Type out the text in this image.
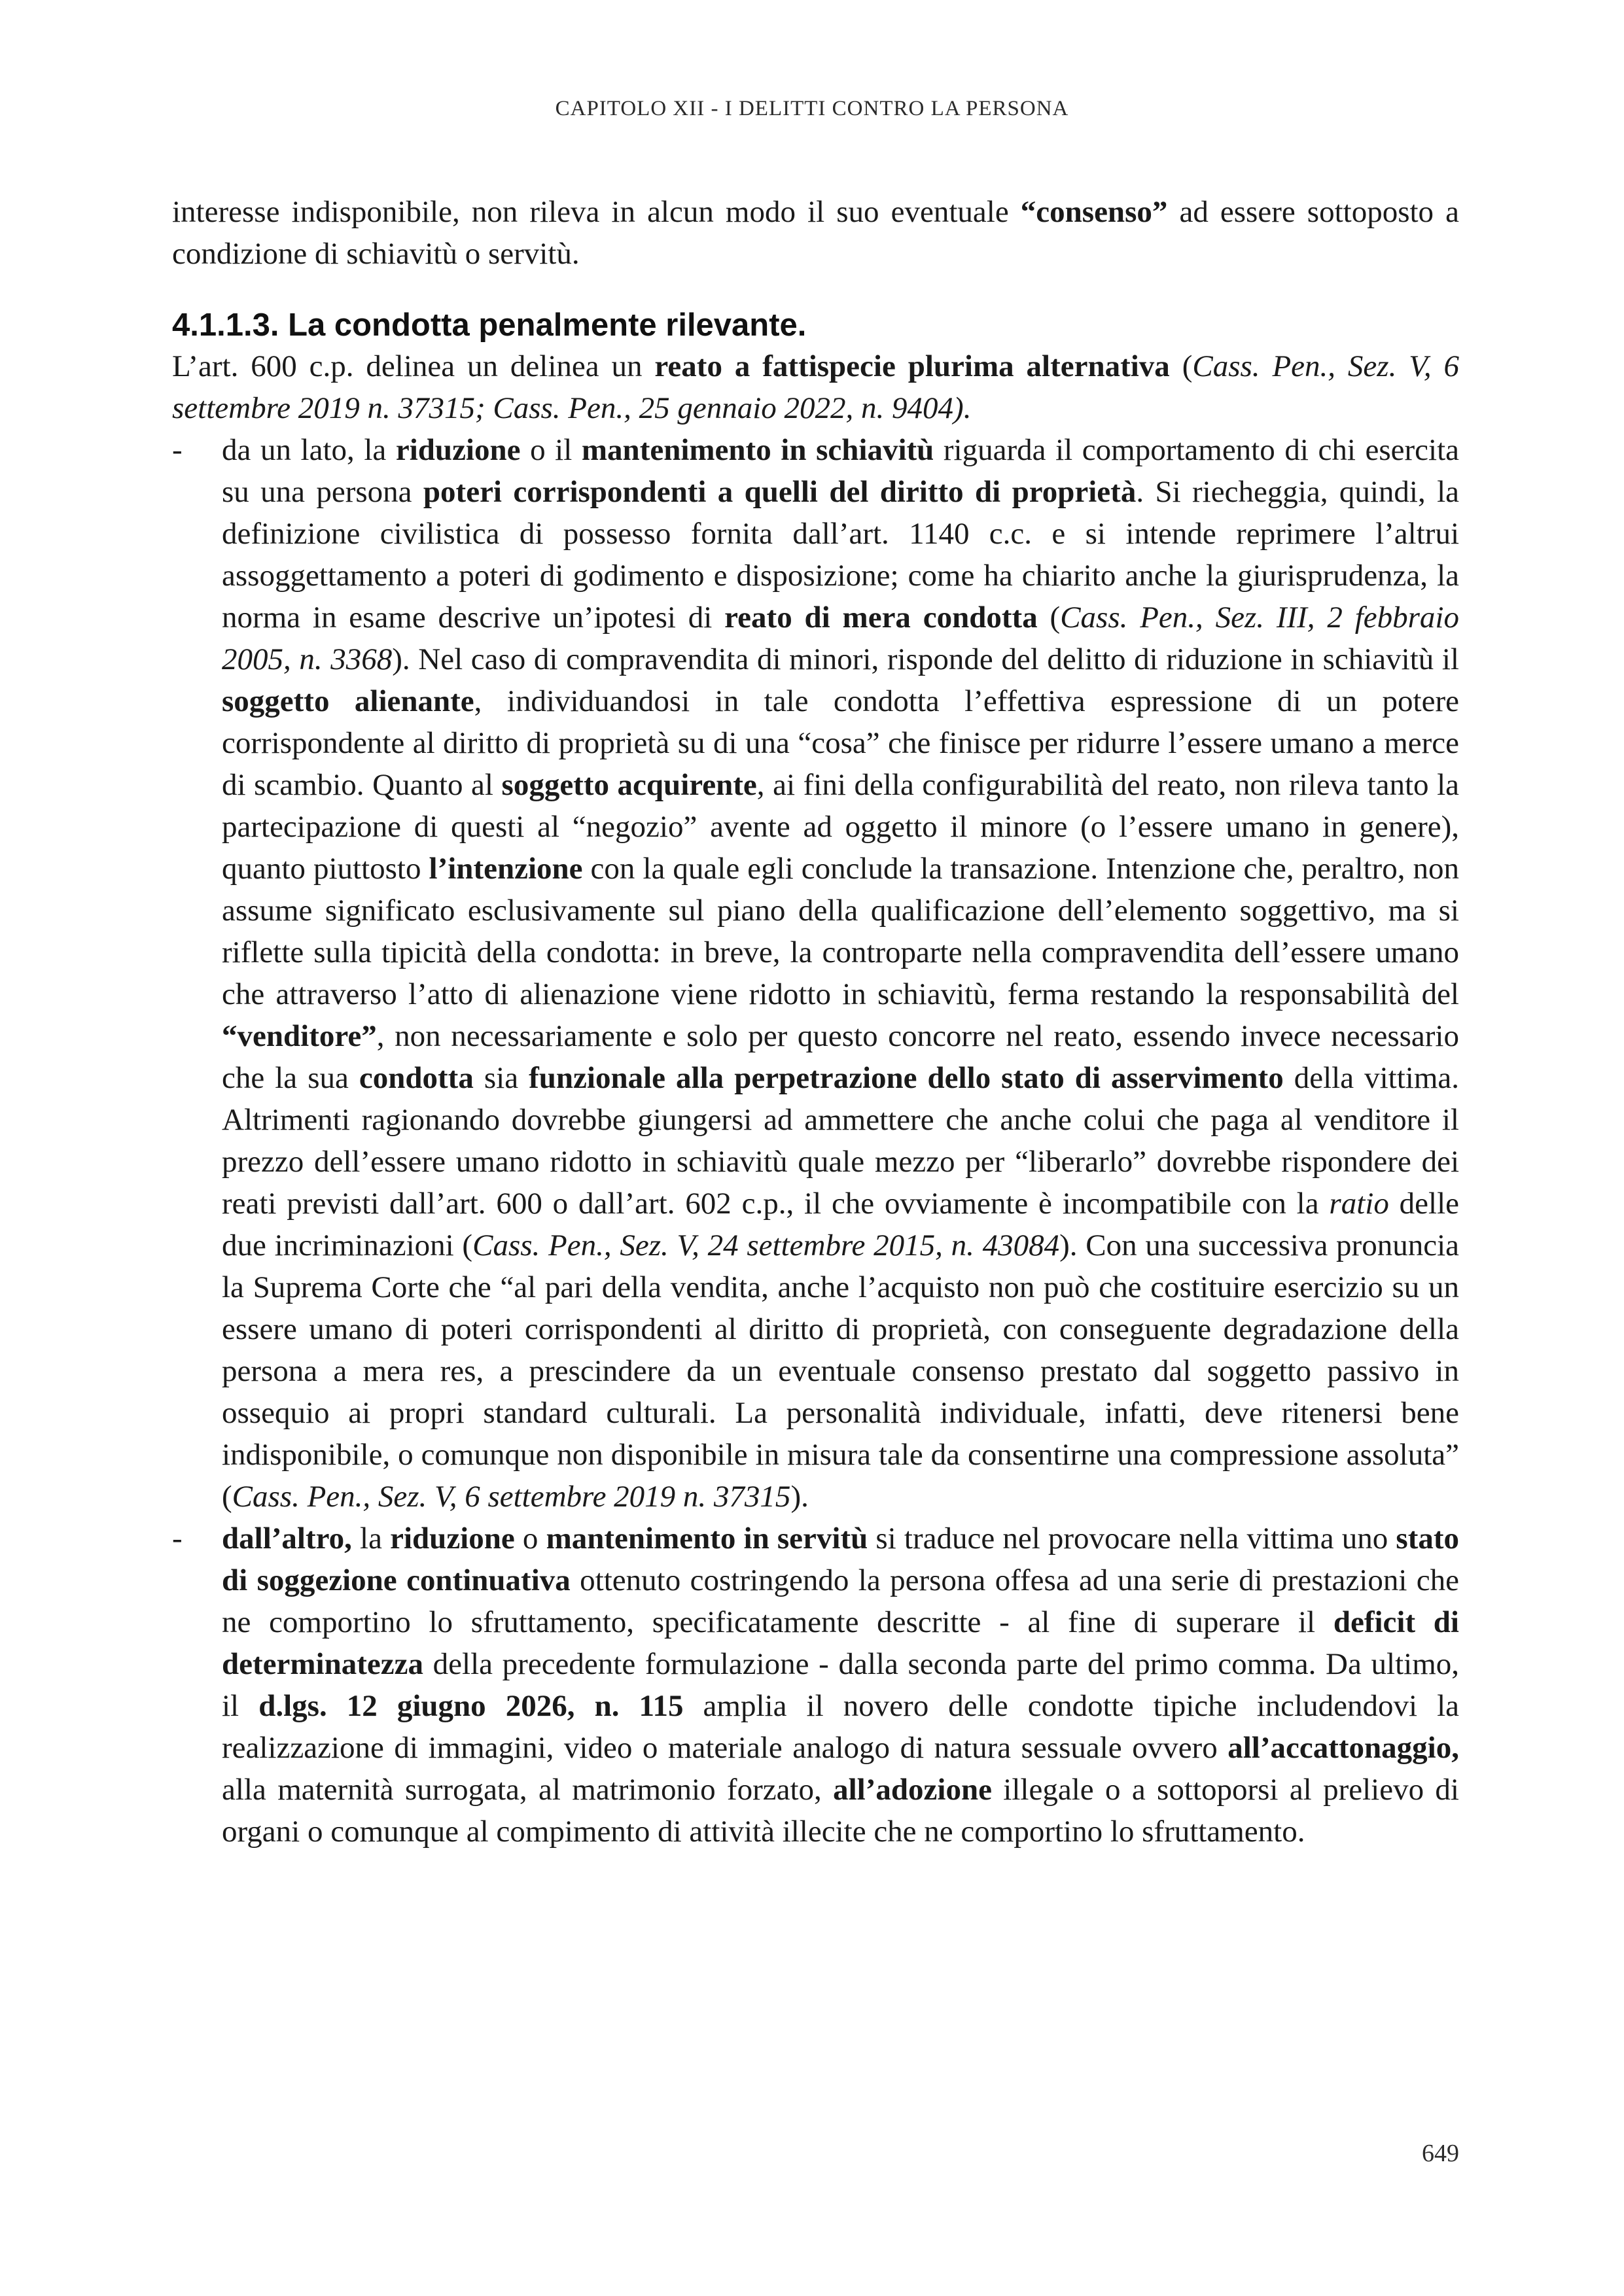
CAPITOLO XII - I DELITTI CONTRO LA PERSONA

interesse indisponibile, non rileva in alcun modo il suo eventuale “consenso” ad essere sottoposto a condizione di schiavitù o servitù.

4.1.1.3. La condotta penalmente rilevante.

L’art. 600 c.p. delinea un delinea un reato a fattispecie plurima alternativa (Cass. Pen., Sez. V, 6 settembre 2019 n. 37315; Cass. Pen., 25 gennaio 2022, n. 9404).

- da un lato, la riduzione o il mantenimento in schiavitù riguarda il comportamento di chi esercita su una persona poteri corrispondenti a quelli del diritto di proprietà. Si riecheggia, quindi, la definizione civilistica di possesso fornita dall’art. 1140 c.c. e si intende reprimere l’altrui assoggettamento a poteri di godimento e disposizione; come ha chiarito anche la giurisprudenza, la norma in esame descrive un’ipotesi di reato di mera condotta (Cass. Pen., Sez. III, 2 febbraio 2005, n. 3368). Nel caso di compravendita di minori, risponde del delitto di riduzione in schiavitù il soggetto alienante, individuandosi in tale condotta l’effettiva espressione di un potere corrispondente al diritto di proprietà su di una “cosa” che finisce per ridurre l’essere umano a merce di scambio. Quanto al soggetto acquirente, ai fini della configurabilità del reato, non rileva tanto la partecipazione di questi al “negozio” avente ad oggetto il minore (o l’essere umano in genere), quanto piuttosto l’intenzione con la quale egli conclude la transazione. Intenzione che, peraltro, non assume significato esclusivamente sul piano della qualificazione dell’elemento soggettivo, ma si riflette sulla tipicità della condotta: in breve, la controparte nella compravendita dell’essere umano che attraverso l’atto di alienazione viene ridotto in schiavitù, ferma restando la responsabilità del “venditore”, non necessariamente e solo per questo concorre nel reato, essendo invece necessario che la sua condotta sia funzionale alla perpetrazione dello stato di asservimento della vittima. Altrimenti ragionando dovrebbe giungersi ad ammettere che anche colui che paga al venditore il prezzo dell’essere umano ridotto in schiavitù quale mezzo per “liberarlo” dovrebbe rispondere dei reati previsti dall’art. 600 o dall’art. 602 c.p., il che ovviamente è incompatibile con la ratio delle due incriminazioni (Cass. Pen., Sez. V, 24 settembre 2015, n. 43084). Con una successiva pronuncia la Suprema Corte che “al pari della vendita, anche l’acquisto non può che costituire esercizio su un essere umano di poteri corrispondenti al diritto di proprietà, con conseguente degradazione della persona a mera res, a prescindere da un eventuale consenso prestato dal soggetto passivo in ossequio ai propri standard culturali. La personalità individuale, infatti, deve ritenersi bene indisponibile, o comunque non disponibile in misura tale da consentirne una compressione assoluta” (Cass. Pen., Sez. V, 6 settembre 2019 n. 37315).

- dall’altro, la riduzione o mantenimento in servitù si traduce nel provocare nella vittima uno stato di soggezione continuativa ottenuto costringendo la persona offesa ad una serie di prestazioni che ne comportino lo sfruttamento, specificatamente descritte - al fine di superare il deficit di determinatezza della precedente formulazione - dalla seconda parte del primo comma. Da ultimo, il d.lgs. 12 giugno 2026, n. 115 amplia il novero delle condotte tipiche includendovi la realizzazione di immagini, video o materiale analogo di natura sessuale ovvero all’accattonaggio, alla maternità surrogata, al matrimonio forzato, all’adozione illegale o a sottoporsi al prelievo di organi o comunque al compimento di attività illecite che ne comportino lo sfruttamento.

649
